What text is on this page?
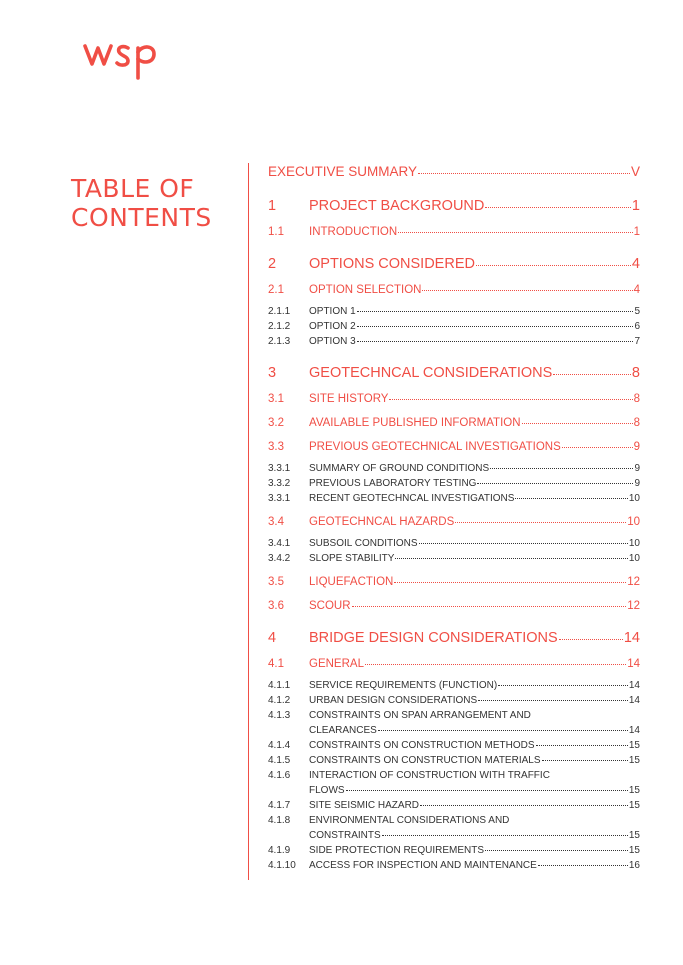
TABLE OF
CONTENTS
EXECUTIVE SUMMARY	V
1	PROJECT BACKGROUND	1
1.1	INTRODUCTION	1
2	OPTIONS CONSIDERED	4
2.1	OPTION SELECTION	4
2.1.1	OPTION 1	5
2.1.2	OPTION 2	6
2.1.3	OPTION 3	7
3	GEOTECHNCAL CONSIDERATIONS	8
3.1	SITE HISTORY	8
3.2	AVAILABLE PUBLISHED INFORMATION	8
3.3	PREVIOUS GEOTECHNICAL INVESTIGATIONS	9
3.3.1	SUMMARY OF GROUND CONDITIONS	9
3.3.2	PREVIOUS LABORATORY TESTING	9
3.3.1	RECENT GEOTECHNCAL INVESTIGATIONS	10
3.4	GEOTECHNCAL HAZARDS	10
3.4.1	SUBSOIL CONDITIONS	10
3.4.2	SLOPE STABILITY	10
3.5	LIQUEFACTION	12
3.6	SCOUR	12
4	BRIDGE DESIGN CONSIDERATIONS	14
4.1	GENERAL	14
4.1.1	SERVICE REQUIREMENTS (FUNCTION)	14
4.1.2	URBAN DESIGN CONSIDERATIONS	14
4.1.3	CONSTRAINTS ON SPAN ARRANGEMENT AND
CLEARANCES	14
4.1.4	CONSTRAINTS ON CONSTRUCTION METHODS	15
4.1.5	CONSTRAINTS ON CONSTRUCTION MATERIALS	15
4.1.6	INTERACTION OF CONSTRUCTION WITH TRAFFIC
FLOWS	15
4.1.7	SITE SEISMIC HAZARD	15
4.1.8	ENVIRONMENTAL CONSIDERATIONS AND
CONSTRAINTS	15
4.1.9	SIDE PROTECTION REQUIREMENTS	15
4.1.10	ACCESS FOR INSPECTION AND MAINTENANCE	16
